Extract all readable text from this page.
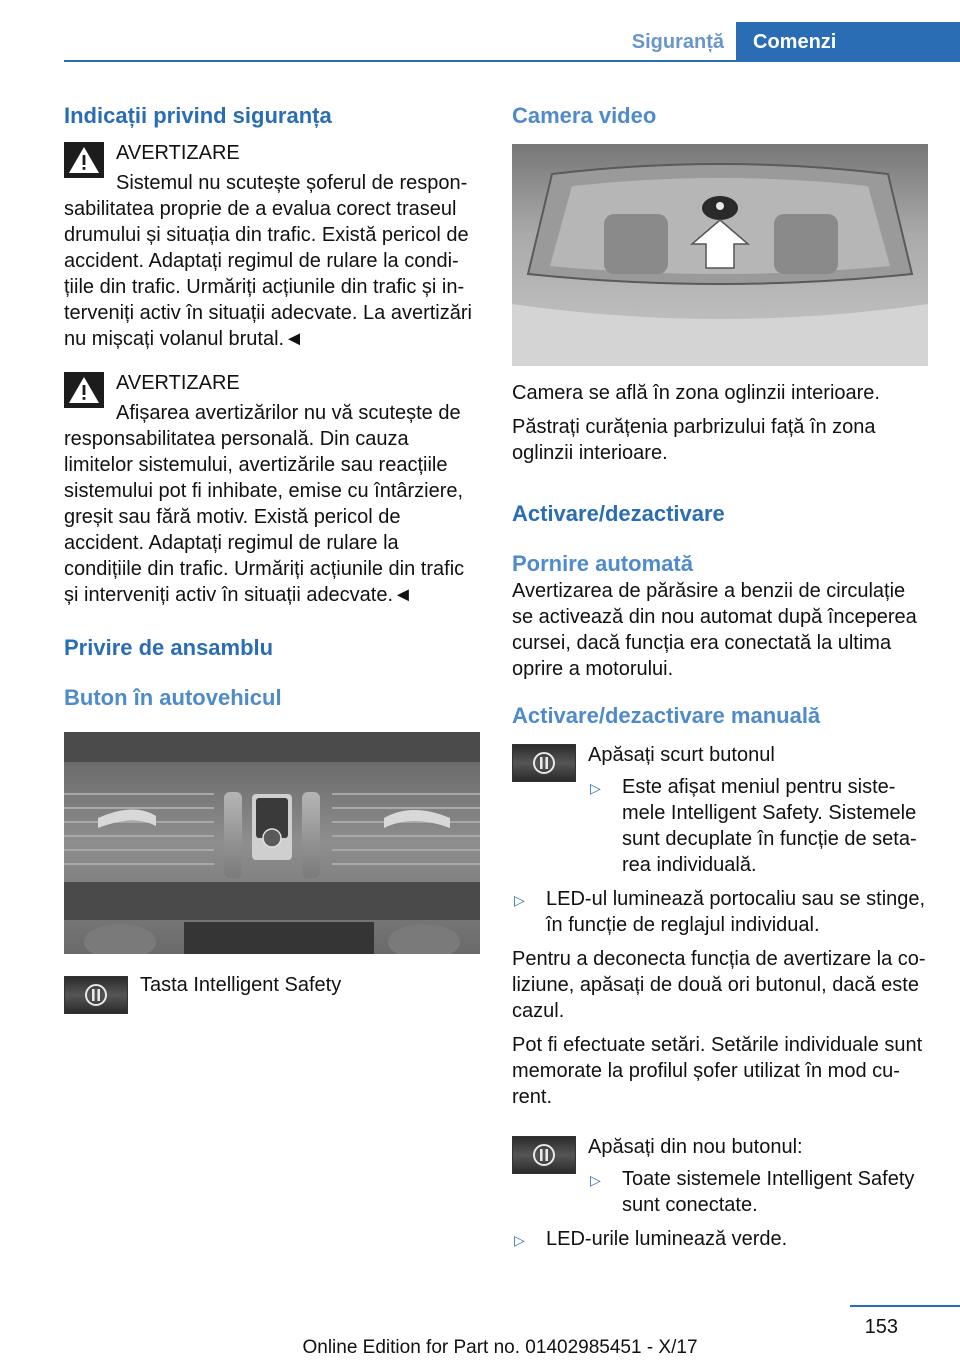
Siguranță	Comenzi
Indicații privind siguranța

AVERTIZARE

Sistemul nu scutește șoferul de responsabilitatea proprie de a evalua corect traseul drumului și situația din trafic. Există pericol de accident. Adaptați regimul de rulare la condițiile din trafic. Urmăriți acțiunile din trafic și interveniți activ în situații adecvate. La avertizări nu mișcați volanul brutal.◄

AVERTIZARE

Afișarea avertizărilor nu vă scutește de responsabilitatea personală. Din cauza limitelor sistemului, avertizările sau reacțiile sistemului pot fi inhibate, emise cu întârziere, greșit sau fără motiv. Există pericol de accident. Adaptați regimul de rulare la condițiile din trafic. Urmăriți acțiunile din trafic și interveniți activ în situații adecvate.◄

Privire de ansamblu
Buton în autovehicul

Tasta Intelligent Safety

Camera video

Camera se află în zona oglinzii interioare.

Păstrați curățenia parbrizului față în zona oglinzii interioare.

Activare/dezactivare
Pornire automată

Avertizarea de părăsire a benzii de circulație se activează din nou automat după începerea cursei, dacă funcția era conectată la ultima oprire a motorului.

Activare/dezactivare manuală

Apăsați scurt butonul

▷ Este afișat meniul pentru sistemele Intelligent Safety. Sistemele sunt decuplate în funcție de setarea individuală.
▷ LED-ul luminează portocaliu sau se stinge, în funcție de reglajul individual.

Pentru a deconecta funcția de avertizare la coliziune, apăsați de două ori butonul, dacă este cazul.

Pot fi efectuate setări. Setările individuale sunt memorate la profilul șofer utilizat în mod curent.

Apăsați din nou butonul:

▷ Toate sistemele Intelligent Safety sunt conectate.
▷ LED-urile luminează verde.
153
Online Edition for Part no. 01402985451 - X/17
